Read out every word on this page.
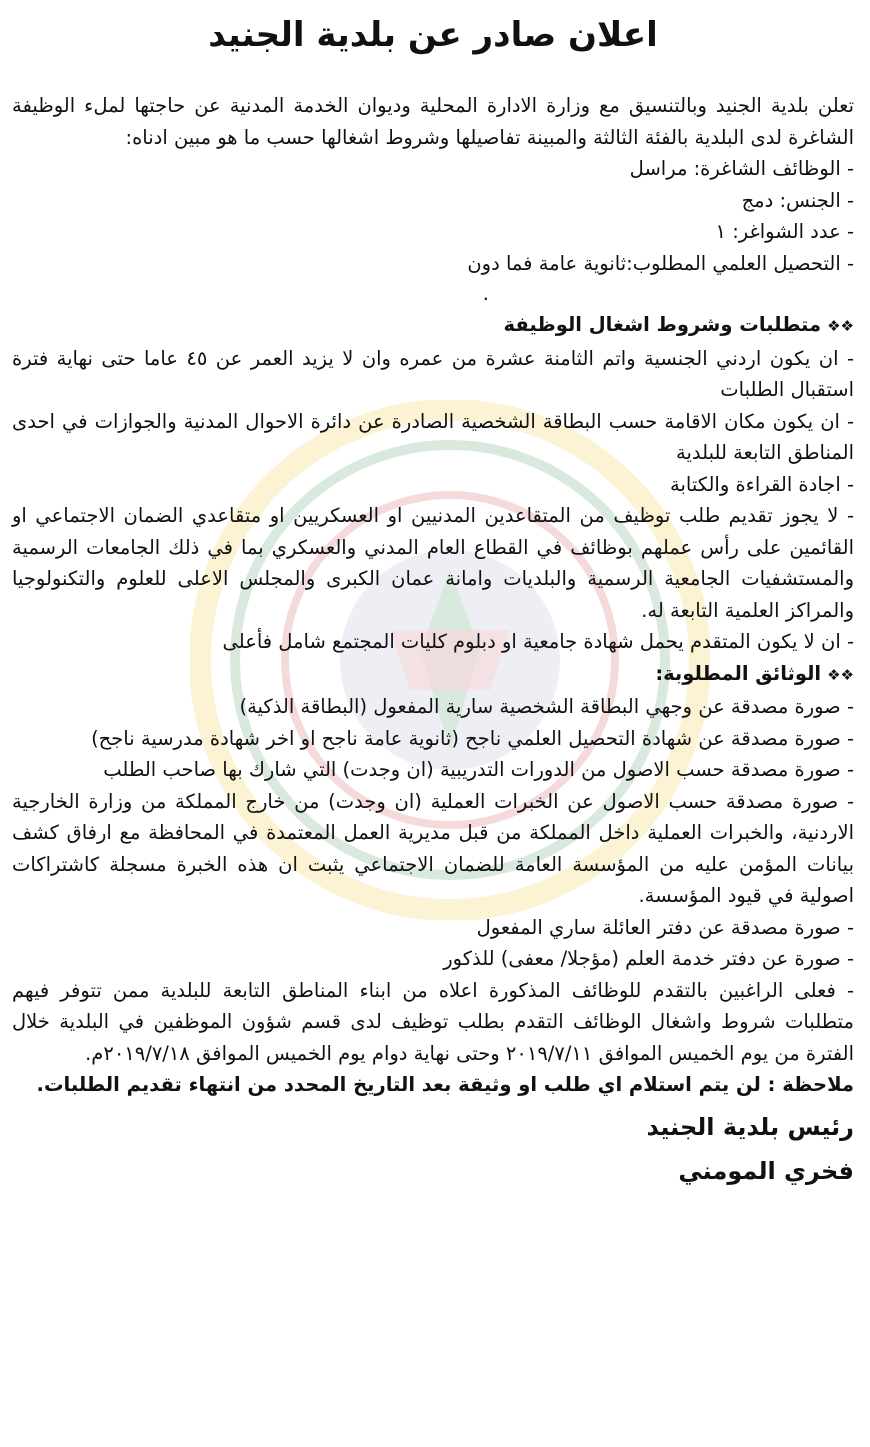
اعلان صادر عن بلدية الجنيد

تعلن بلدية الجنيد وبالتنسيق مع وزارة الادارة المحلية وديوان الخدمة المدنية عن حاجتها لملء الوظيفة الشاغرة لدى البلدية بالفئة الثالثة والمبينة تفاصيلها وشروط اشغالها حسب ما هو مبين ادناه:

- الوظائف الشاغرة: مراسل
- الجنس: دمج
- عدد الشواغر: ١
- التحصيل العلمي المطلوب:ثانوية عامة فما دون
.
❖❖متطلبات وشروط اشغال الوظيفة

- ان يكون اردني الجنسية واتم الثامنة عشرة من عمره وان لا يزيد العمر عن ٤٥ عاما حتى نهاية فترة استقبال الطلبات

- ان يكون مكان الاقامة حسب البطاقة الشخصية الصادرة عن دائرة الاحوال المدنية والجوازات في احدى المناطق التابعة للبلدية

- اجادة القراءة والكتابة

- لا يجوز تقديم طلب توظيف من المتقاعدين المدنيين او العسكريين او متقاعدي الضمان الاجتماعي او القائمين على رأس عملهم بوظائف في القطاع العام المدني والعسكري بما في ذلك الجامعات الرسمية والمستشفيات الجامعية الرسمية والبلديات وامانة عمان الكبرى والمجلس الاعلى للعلوم والتكنولوجيا والمراكز العلمية التابعة له.

- ان لا يكون المتقدم يحمل شهادة جامعية او دبلوم كليات المجتمع شامل فأعلى

❖❖الوثائق المطلوبة:

- صورة مصدقة عن وجهي البطاقة الشخصية سارية المفعول (البطاقة الذكية)

- صورة مصدقة عن شهادة التحصيل العلمي ناجح (ثانوية عامة ناجح او اخر شهادة مدرسية ناجح)

- صورة مصدقة حسب الاصول من الدورات التدريبية (ان وجدت) التي شارك بها صاحب الطلب

- صورة مصدقة حسب الاصول عن الخبرات العملية (ان وجدت) من خارج المملكة من وزارة الخارجية الاردنية، والخبرات العملية داخل المملكة من قبل مديرية العمل المعتمدة في المحافظة مع ارفاق كشف بيانات المؤمن عليه من المؤسسة العامة للضمان الاجتماعي يثبت ان هذه الخبرة مسجلة كاشتراكات اصولية في قيود المؤسسة.

- صورة مصدقة عن دفتر العائلة ساري المفعول

- صورة عن دفتر خدمة العلم (مؤجلا/ معفى) للذكور

- فعلى الراغبين بالتقدم للوظائف المذكورة اعلاه من ابناء المناطق التابعة للبلدية ممن تتوفر فيهم متطلبات شروط واشغال الوظائف التقدم بطلب توظيف لدى قسم شؤون الموظفين في البلدية خلال الفترة من يوم الخميس الموافق ٢٠١٩/٧/١١ وحتى نهاية دوام يوم الخميس الموافق ٢٠١٩/٧/١٨م.

ملاحظة : لن يتم استلام اي طلب او وثيقة بعد التاريخ المحدد من انتهاء تقديم الطلبات.

رئيس بلدية الجنيد

فخري المومني
